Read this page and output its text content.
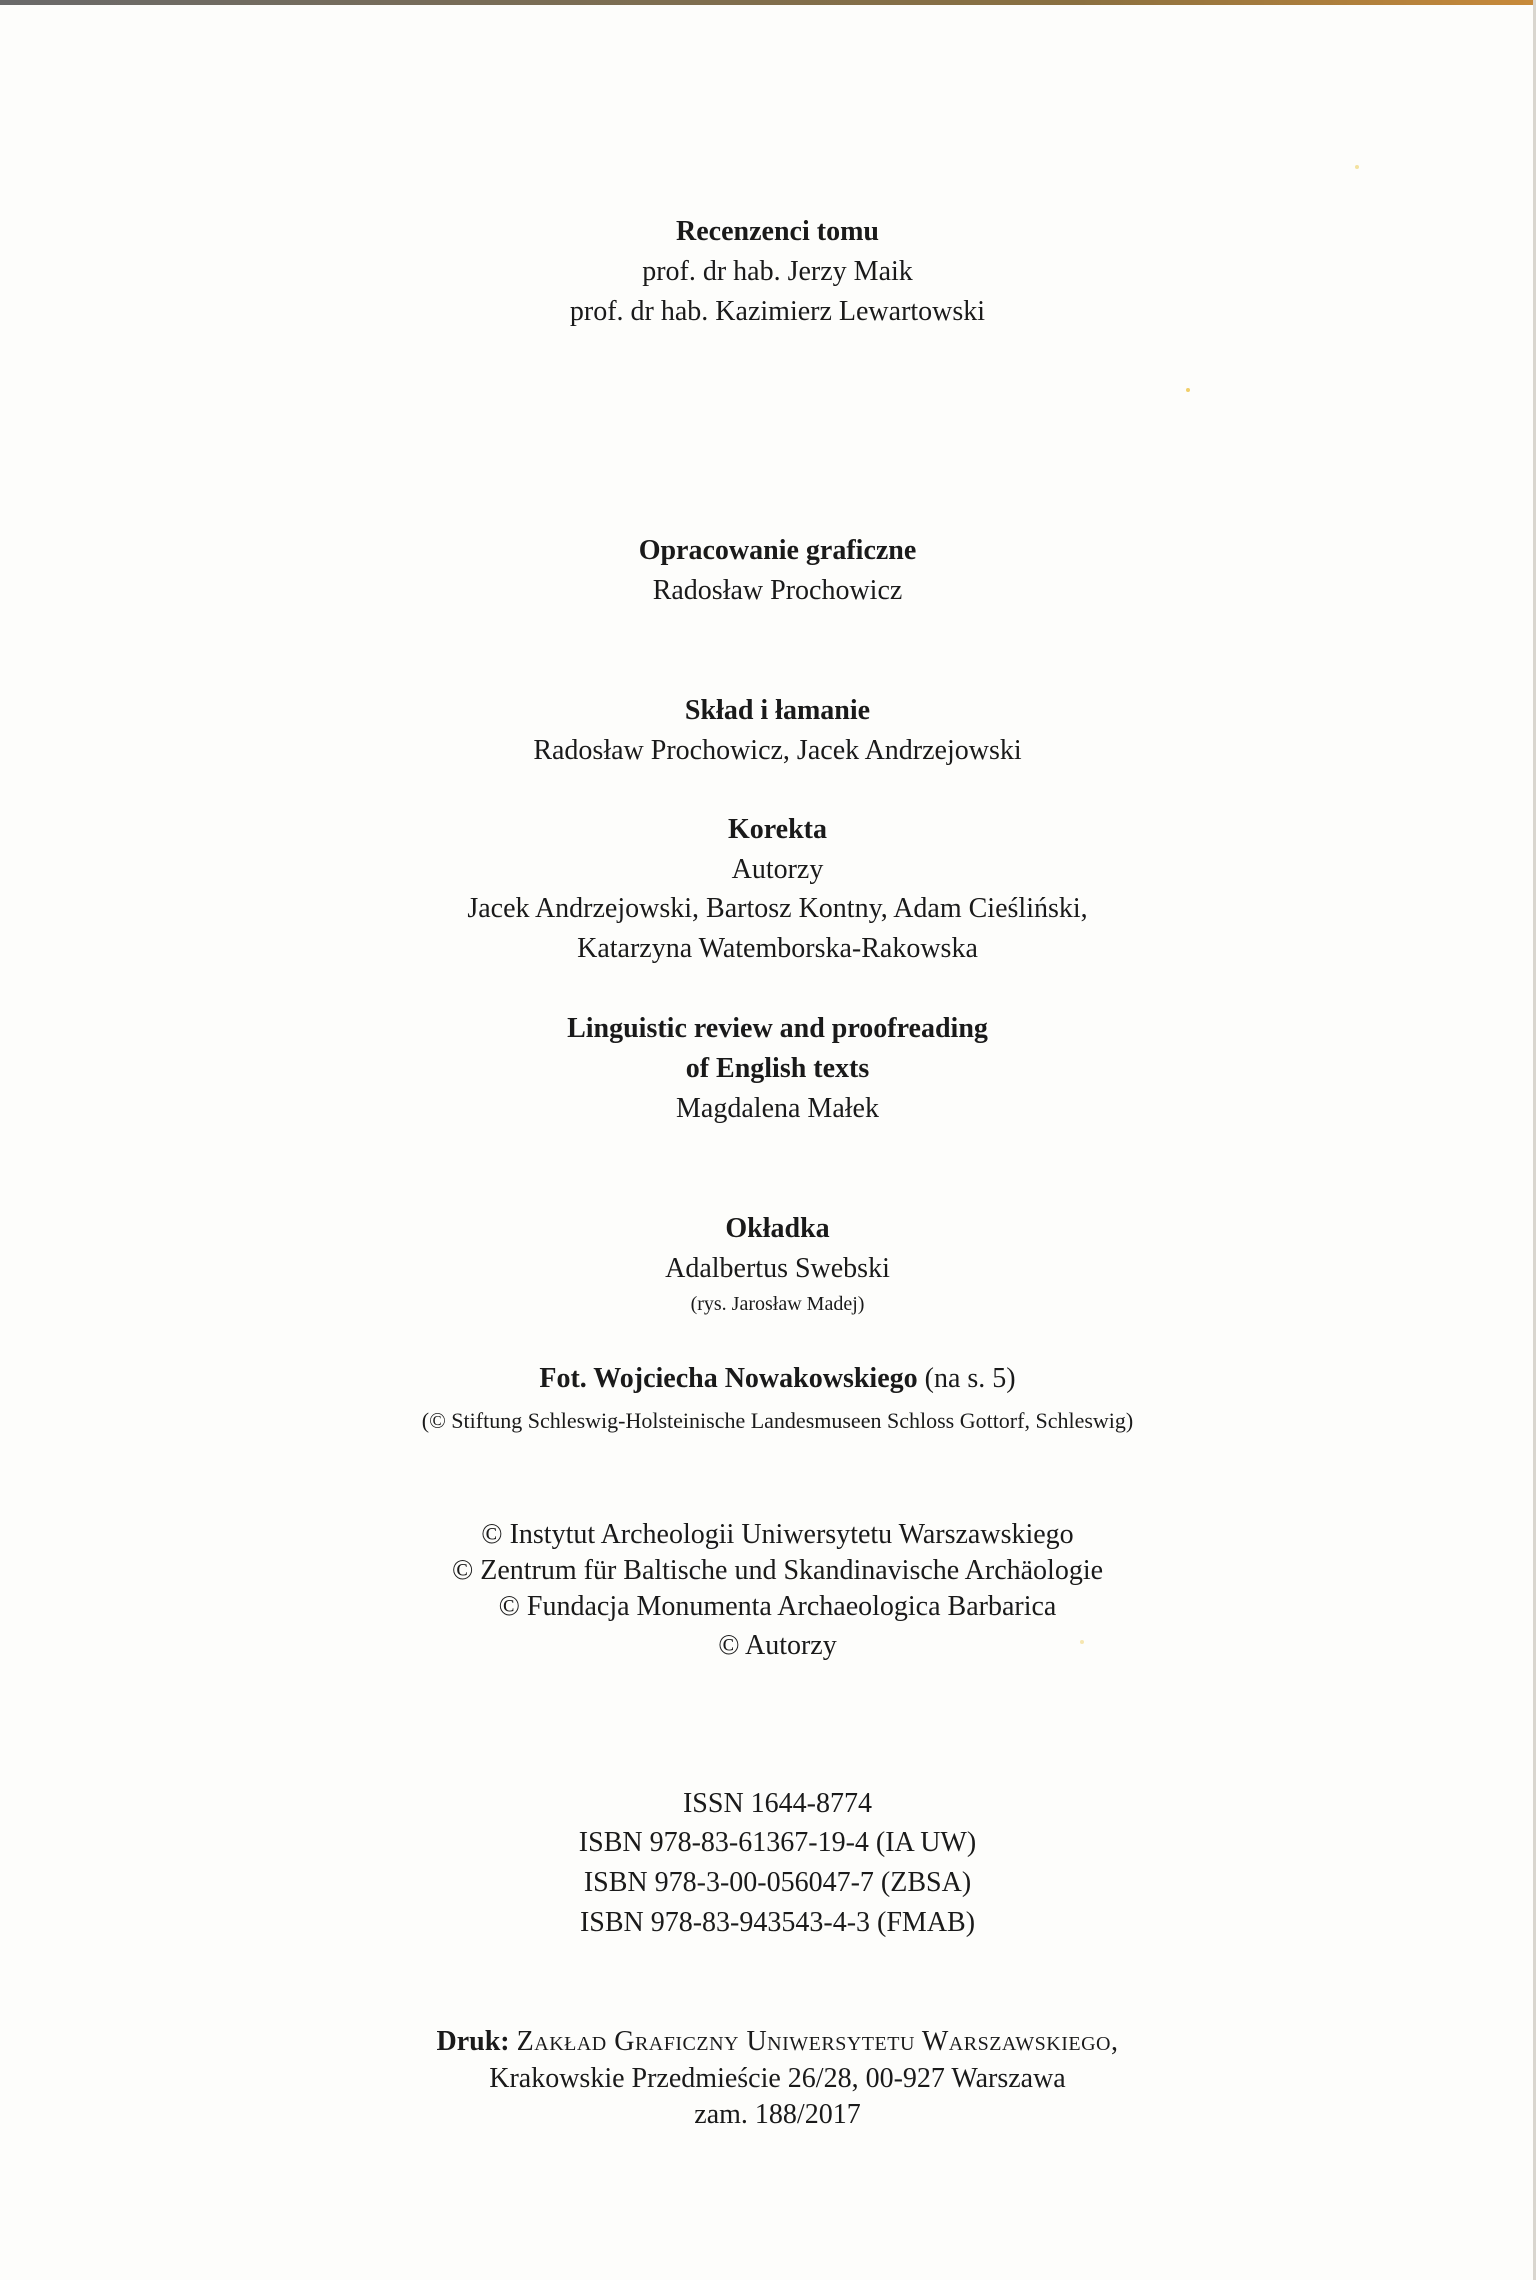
Recenzenci tomu
prof. dr hab. Jerzy Maik
prof. dr hab. Kazimierz Lewartowski
Opracowanie graficzne
Radosław Prochowicz
Skład i łamanie
Radosław Prochowicz, Jacek Andrzejowski
Korekta
Autorzy
Jacek Andrzejowski, Bartosz Kontny, Adam Cieśliński,
Katarzyna Watemborska-Rakowska
Linguistic review and proofreading
of English texts
Magdalena Małek
Okładka
Adalbertus Swebski
(rys. Jarosław Madej)
Fot. Wojciecha Nowakowskiego (na s. 5)
(© Stiftung Schleswig-Holsteinische Landesmuseen Schloss Gottorf, Schleswig)
© Instytut Archeologii Uniwersytetu Warszawskiego
© Zentrum für Baltische und Skandinavische Archäologie
© Fundacja Monumenta Archaeologica Barbarica
© Autorzy
ISSN 1644-8774
ISBN 978-83-61367-19-4 (IA UW)
ISBN 978-3-00-056047-7 (ZBSA)
ISBN 978-83-943543-4-3 (FMAB)
Druk: Zakład Graficzny Uniwersytetu Warszawskiego,
Krakowskie Przedmieście 26/28, 00-927 Warszawa
zam. 188/2017
